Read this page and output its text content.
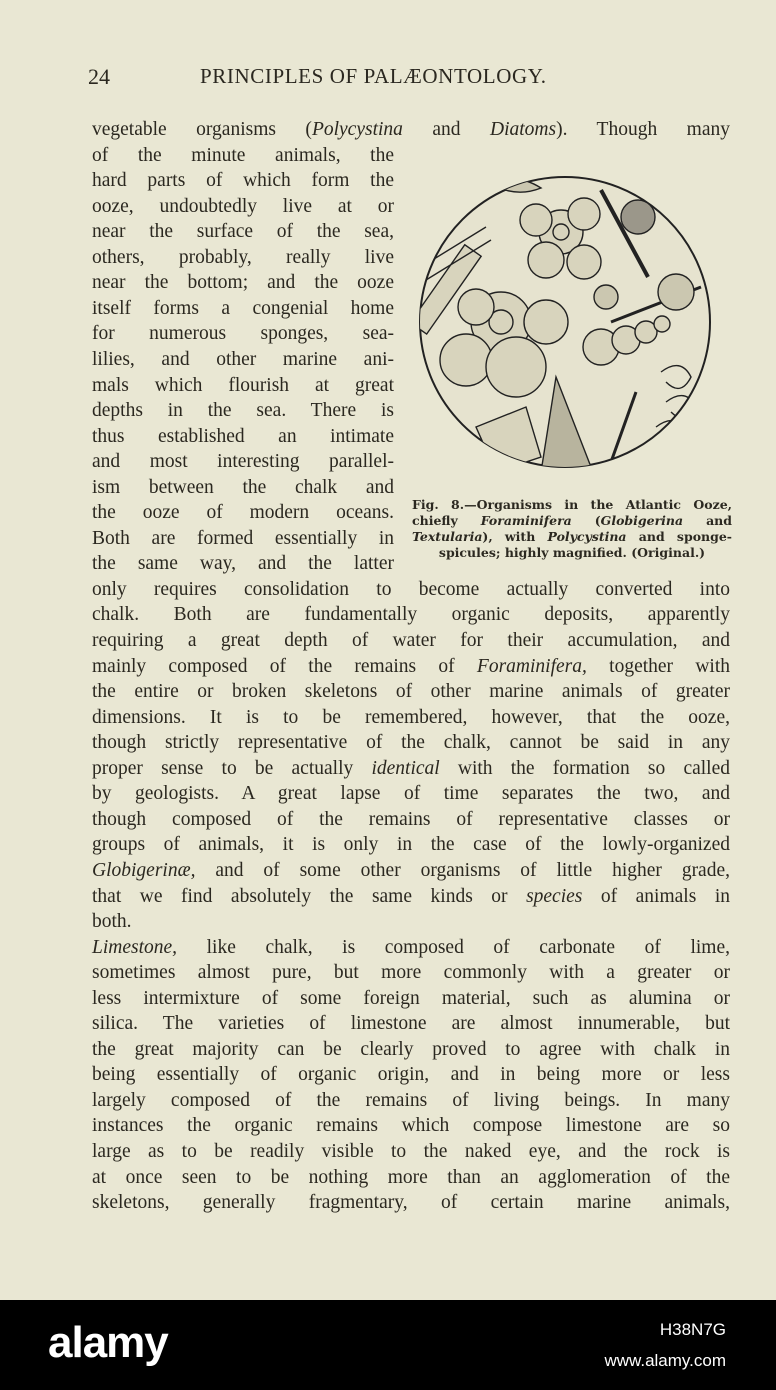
24	PRINCIPLES OF PALÆONTOLOGY.
vegetable organisms (Polycystina and Diatoms). Though many
of the minute animals, the
hard parts of which form the
ooze, undoubtedly live at or
near the surface of the sea,
others, probably, really live
near the bottom; and the ooze
itself forms a congenial home
for numerous sponges, sea-
lilies, and other marine ani-
mals which flourish at great
depths in the sea. There is
thus established an intimate
and most interesting parallel-
ism between the chalk and
the ooze of modern oceans.
Both are formed essentially in
the same way, and the latter
only requires consolidation to become actually converted into
chalk. Both are fundamentally organic deposits, apparently
requiring a great depth of water for their accumulation, and
mainly composed of the remains of Foraminifera, together with
the entire or broken skeletons of other marine animals of greater
dimensions. It is to be remembered, however, that the ooze,
though strictly representative of the chalk, cannot be said in any
proper sense to be actually identical with the formation so called
by geologists. A great lapse of time separates the two, and
though composed of the remains of representative classes or
groups of animals, it is only in the case of the lowly-organized
Globigerinæ, and of some other organisms of little higher grade,
that we find absolutely the same kinds or species of animals in
both.
Limestone, like chalk, is composed of carbonate of lime,
sometimes almost pure, but more commonly with a greater or
less intermixture of some foreign material, such as alumina or
silica. The varieties of limestone are almost innumerable, but
the great majority can be clearly proved to agree with chalk in
being essentially of organic origin, and in being more or less
largely composed of the remains of living beings. In many
instances the organic remains which compose limestone are so
large as to be readily visible to the naked eye, and the rock is
at once seen to be nothing more than an agglomeration of the
skeletons, generally fragmentary, of certain marine animals,
Fig. 8.—Organisms in the Atlantic Ooze,
chiefly Foraminifera (Globigerina and
Textularia), with Polycystina and sponge-
spicules; highly magnified. (Original.)
alamy	H38N7G
www.alamy.com
